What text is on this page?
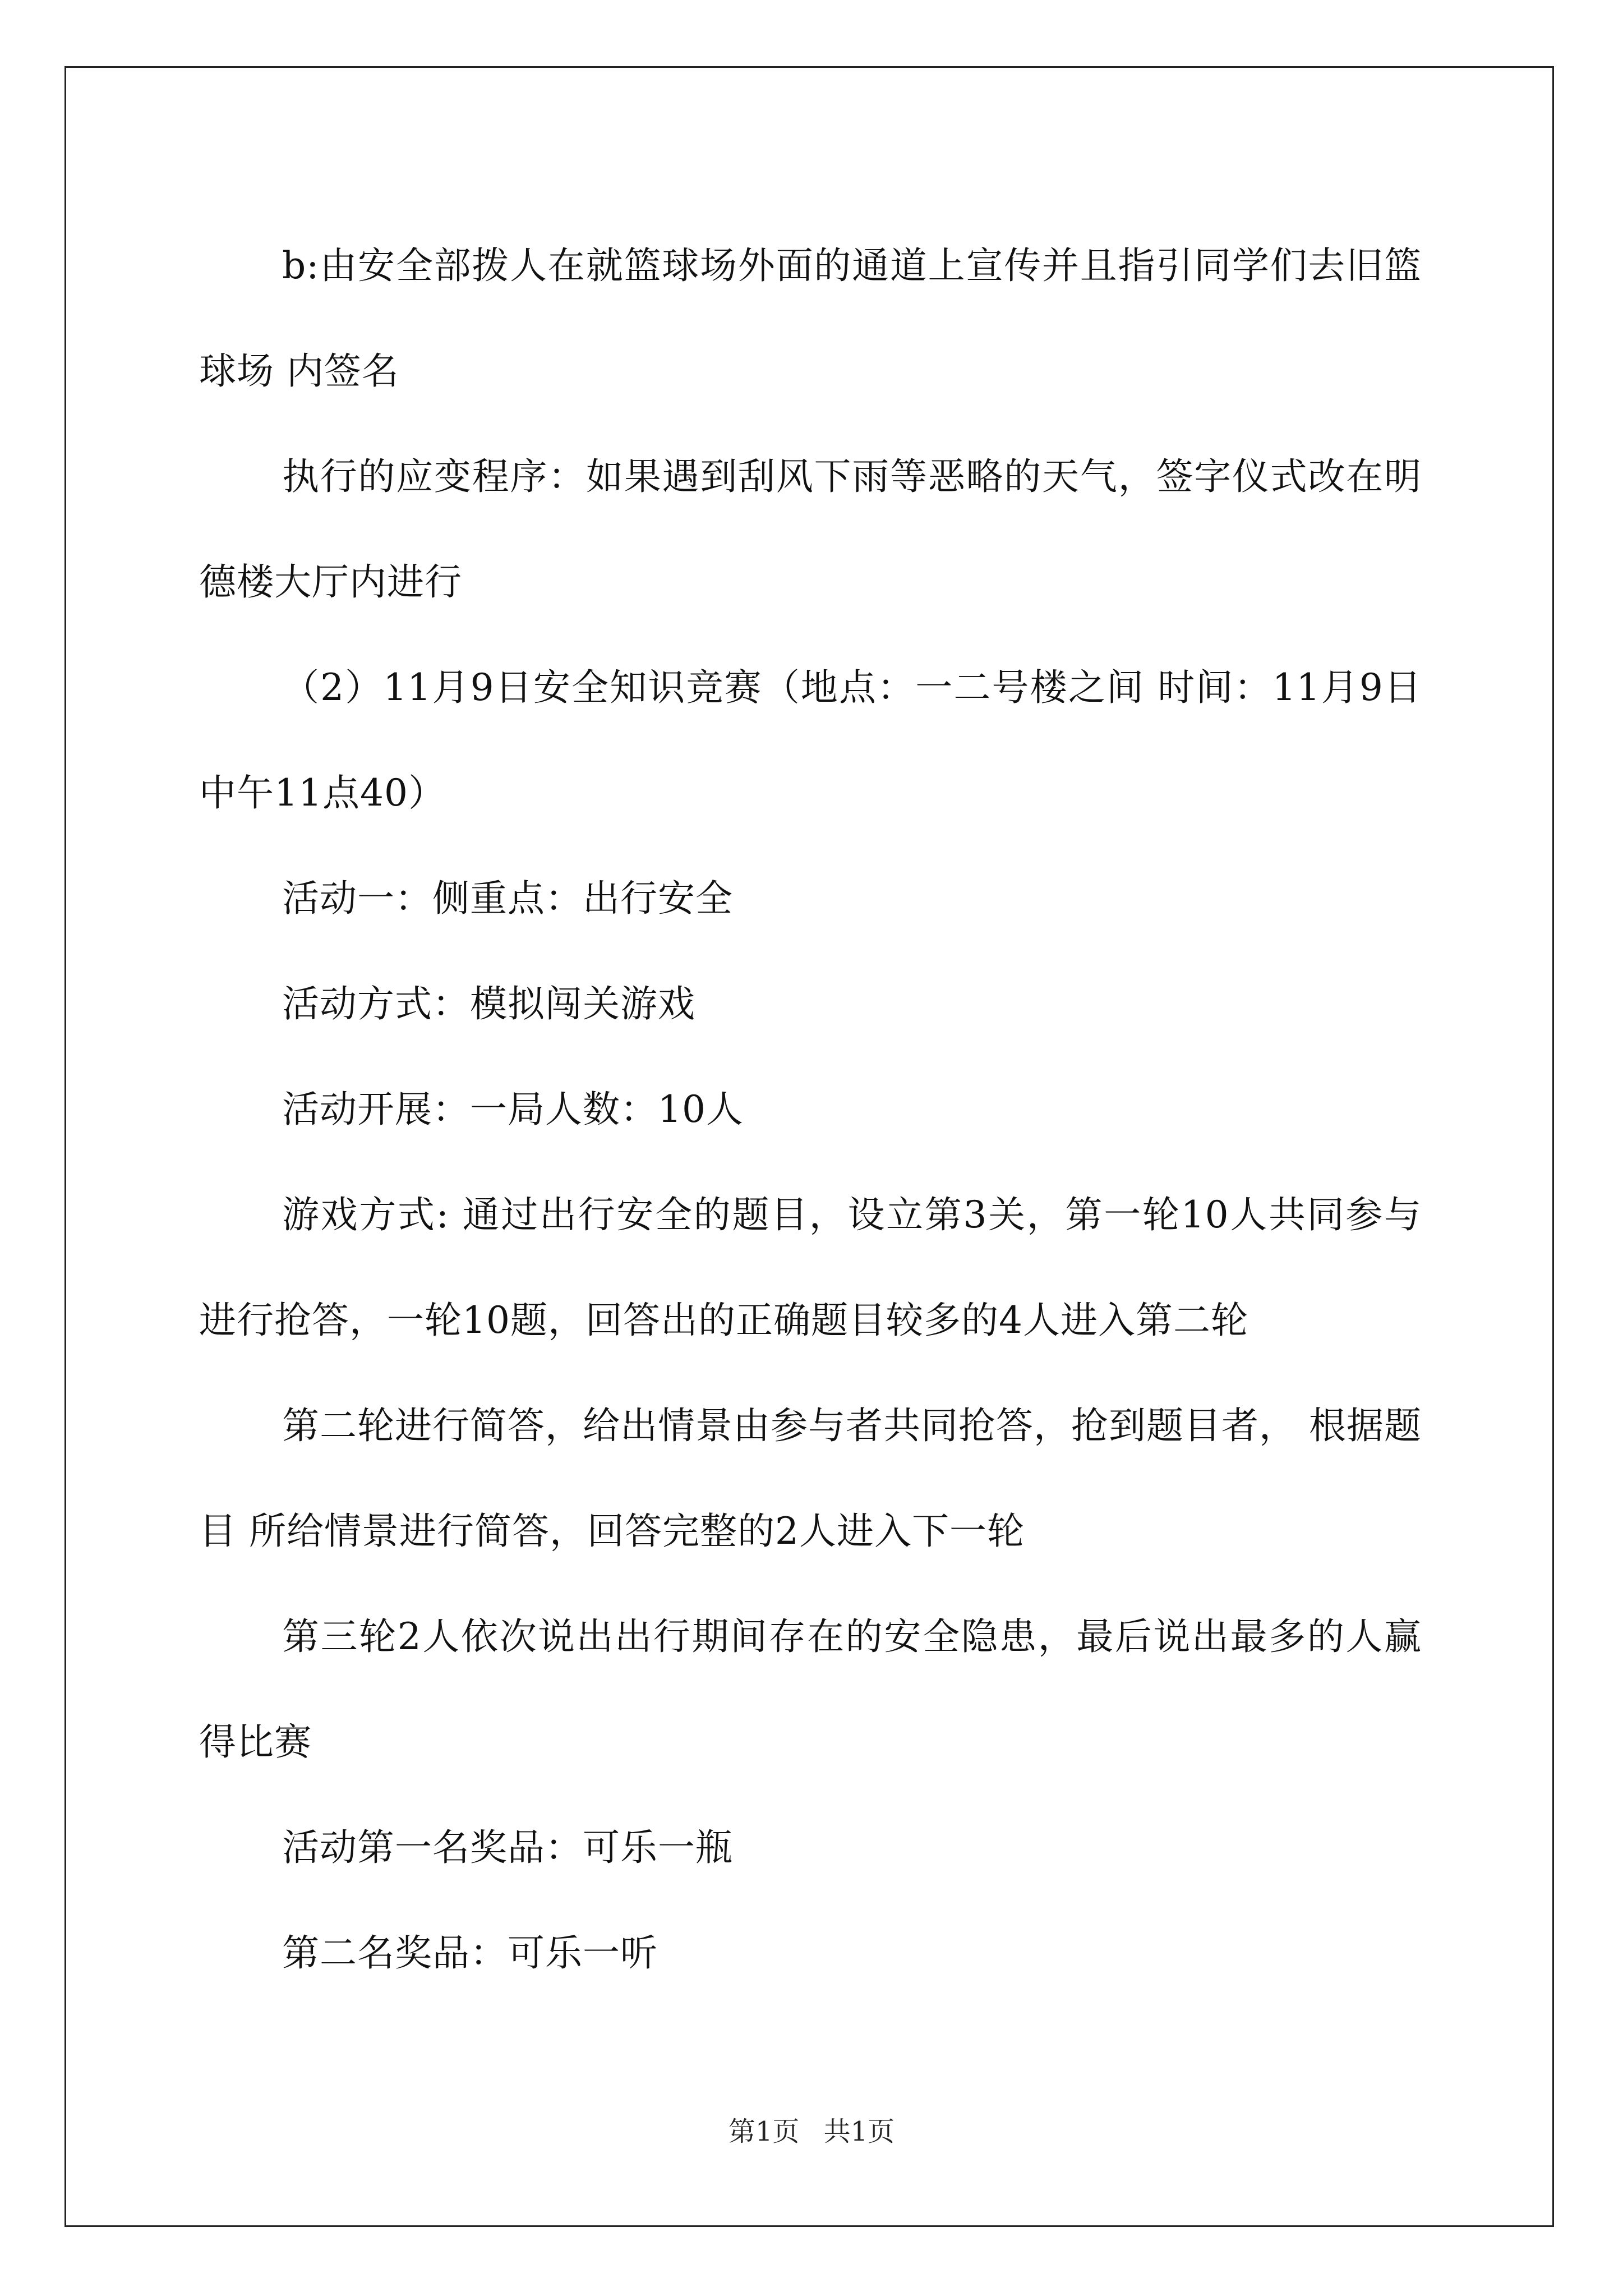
b:由安全部拨人在就篮球场外面的通道上宣传并且指引同学们去旧篮球场 内签名

执行的应变程序：如果遇到刮风下雨等恶略的天气，签字仪式改在明德楼大厅内进行

（2）11月9日安全知识竞赛（地点：一二号楼之间 时间：11月9日中午11点40）

活动一：侧重点：出行安全

活动方式：模拟闯关游戏

活动开展：一局人数：10人

游戏方式: 通过出行安全的题目，设立第3关，第一轮10人共同参与进行抢答，一轮10题，回答出的正确题目较多的4人进入第二轮

第二轮进行简答，给出情景由参与者共同抢答，抢到题目者， 根据题目 所给情景进行简答，回答完整的2人进入下一轮

第三轮2人依次说出出行期间存在的安全隐患，最后说出最多的人赢得比赛

活动第一名奖品：可乐一瓶

第二名奖品：可乐一听

第1页 共1页
